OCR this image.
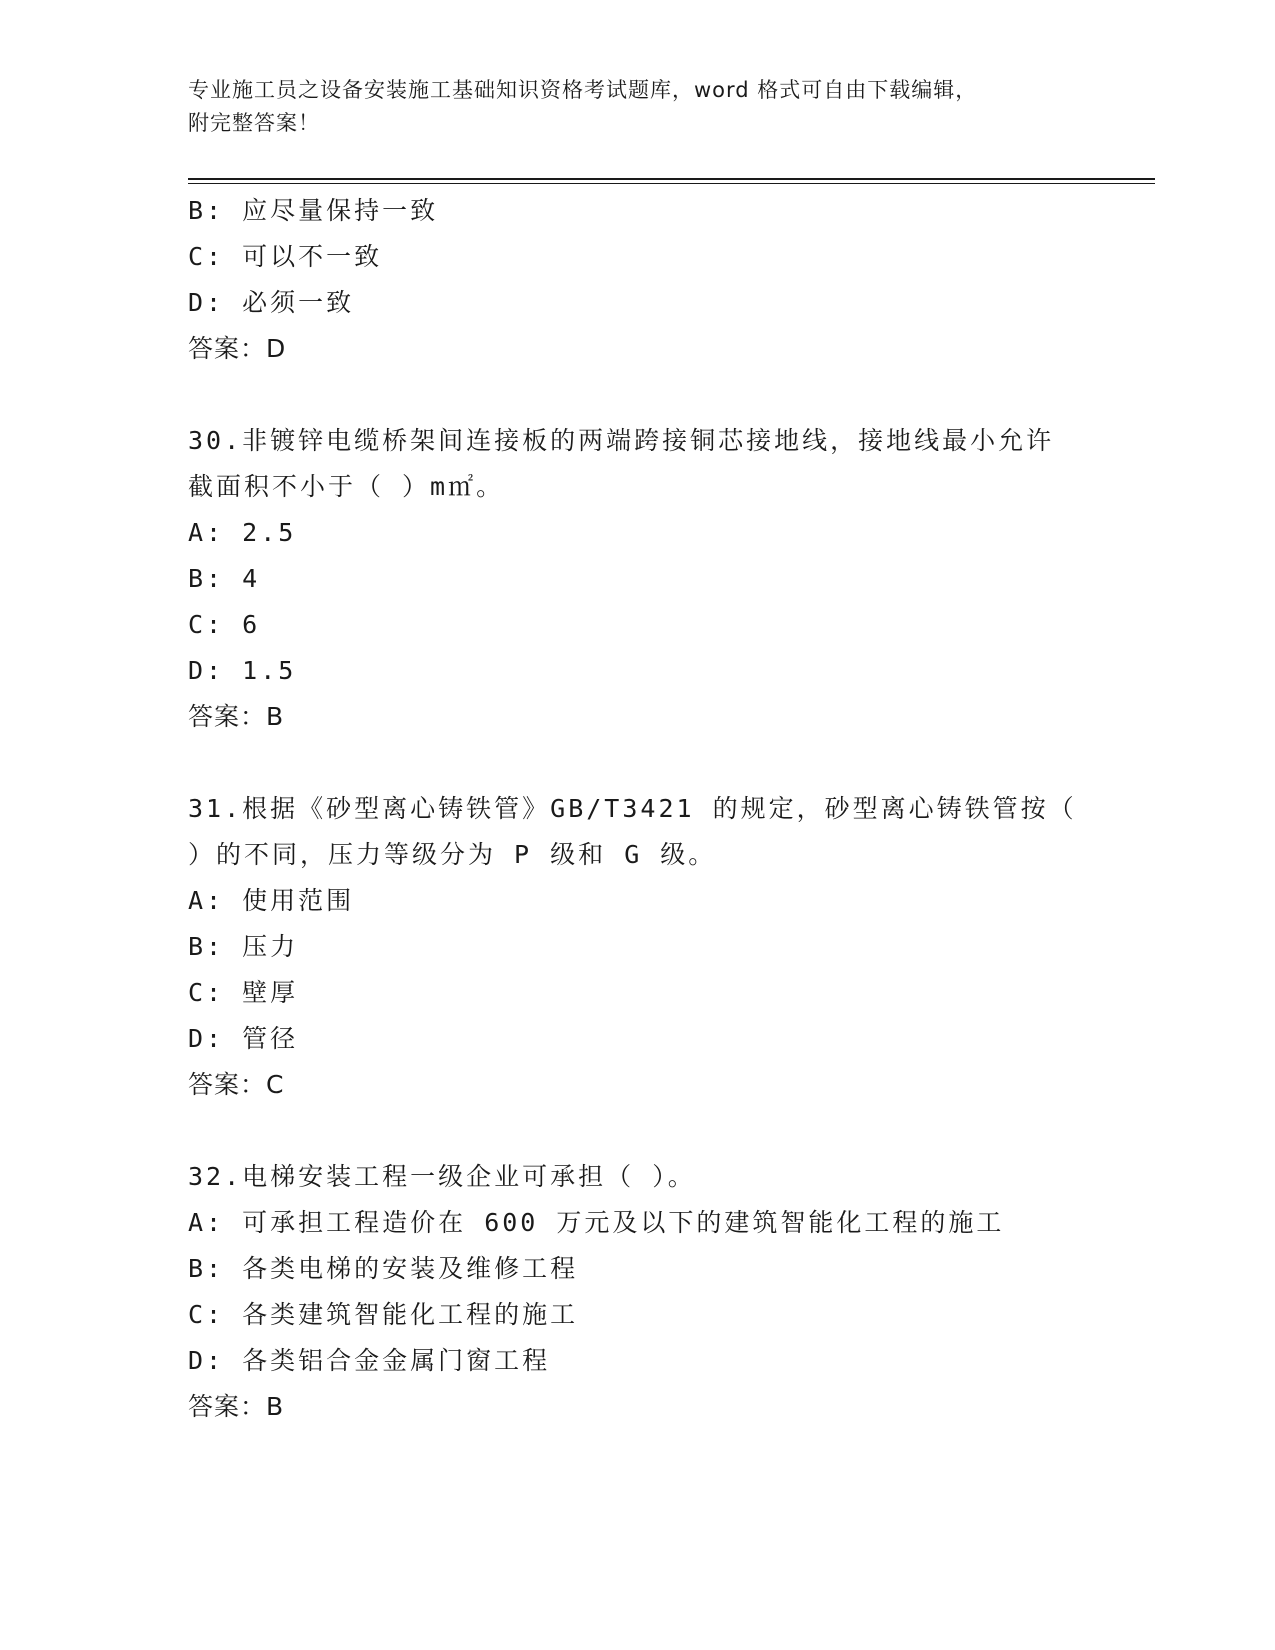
专业施工员之设备安装施工基础知识资格考试题库，word 格式可自由下载编辑，
附完整答案！
B: 应尽量保持一致
C: 可以不一致
D: 必须一致
答案：D
30.非镀锌电缆桥架间连接板的两端跨接铜芯接地线，接地线最小允许
截面积不小于（ ）m㎡。
A: 2.5
B: 4
C: 6
D: 1.5
答案：B
31.根据《砂型离心铸铁管》GB/T3421 的规定，砂型离心铸铁管按（
）的不同，压力等级分为 P 级和 G 级。
A: 使用范围
B: 压力
C: 壁厚
D: 管径
答案：C
32.电梯安装工程一级企业可承担（ ）。
A: 可承担工程造价在 600 万元及以下的建筑智能化工程的施工
B: 各类电梯的安装及维修工程
C: 各类建筑智能化工程的施工
D: 各类铝合金金属门窗工程
答案：B
